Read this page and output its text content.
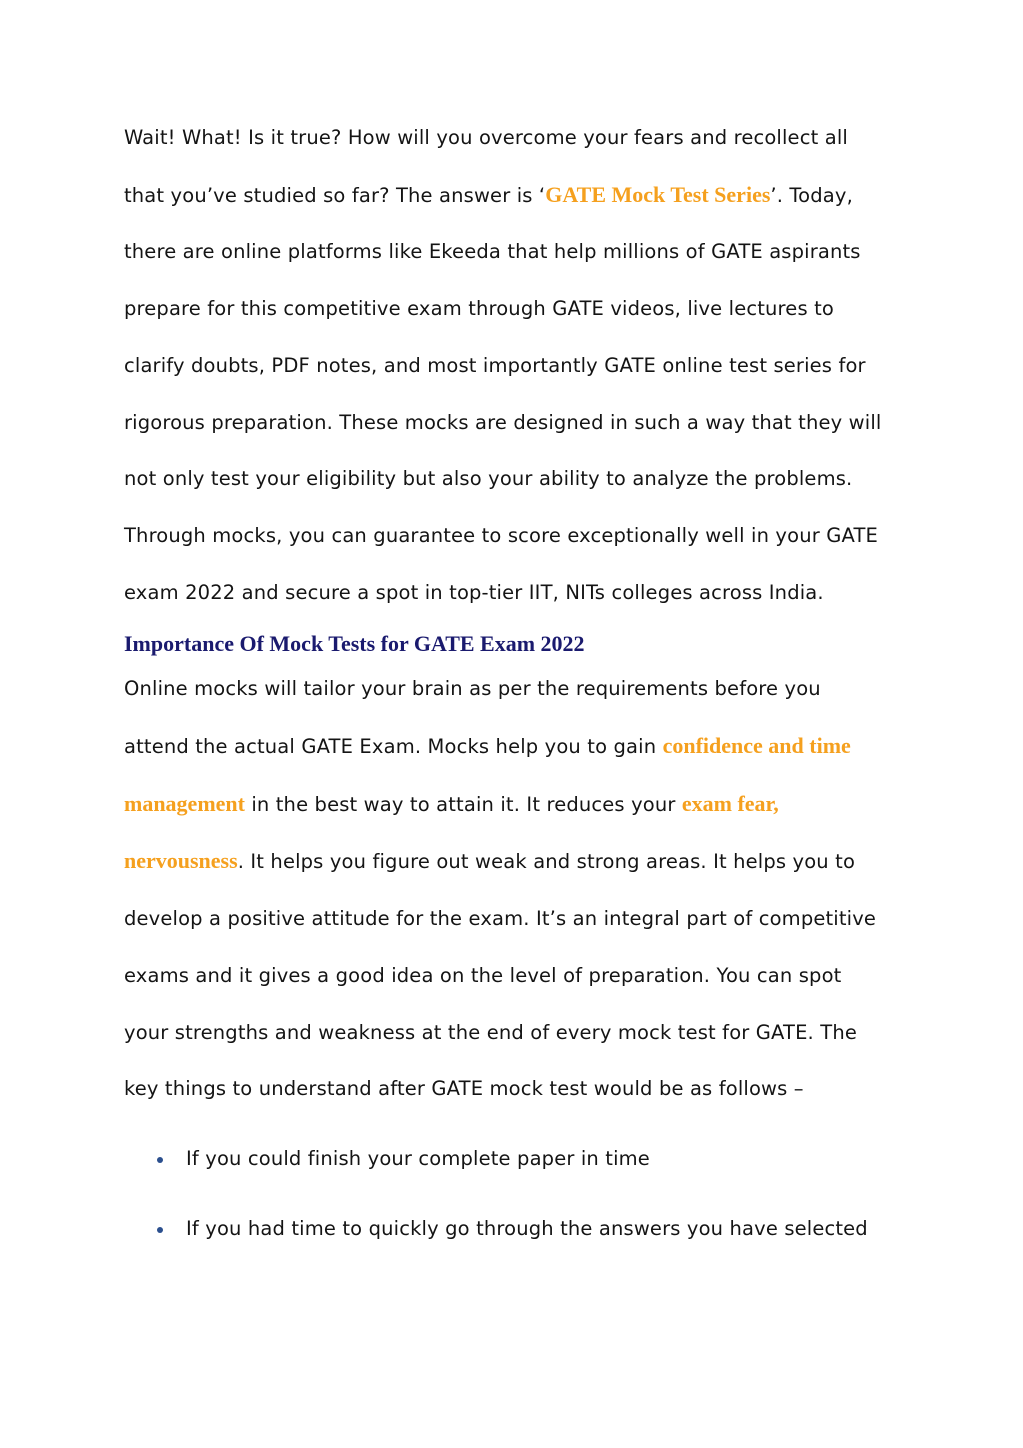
Wait! What! Is it true? How will you overcome your fears and recollect all
that you’ve studied so far? The answer is ‘GATE Mock Test Series’. Today,
there are online platforms like Ekeeda that help millions of GATE aspirants
prepare for this competitive exam through GATE videos, live lectures to
clarify doubts, PDF notes, and most importantly GATE online test series for
rigorous preparation. These mocks are designed in such a way that they will
not only test your eligibility but also your ability to analyze the problems.
Through mocks, you can guarantee to score exceptionally well in your GATE
exam 2022 and secure a spot in top-tier IIT, NITs colleges across India.

Importance Of Mock Tests for GATE Exam 2022

Online mocks will tailor your brain as per the requirements before you
attend the actual GATE Exam. Mocks help you to gain confidence and time
management in the best way to attain it. It reduces your exam fear,
nervousness. It helps you figure out weak and strong areas. It helps you to
develop a positive attitude for the exam. It’s an integral part of competitive
exams and it gives a good idea on the level of preparation. You can spot
your strengths and weakness at the end of every mock test for GATE. The
key things to understand after GATE mock test would be as follows –

If you could finish your complete paper in time
If you had time to quickly go through the answers you have selected
